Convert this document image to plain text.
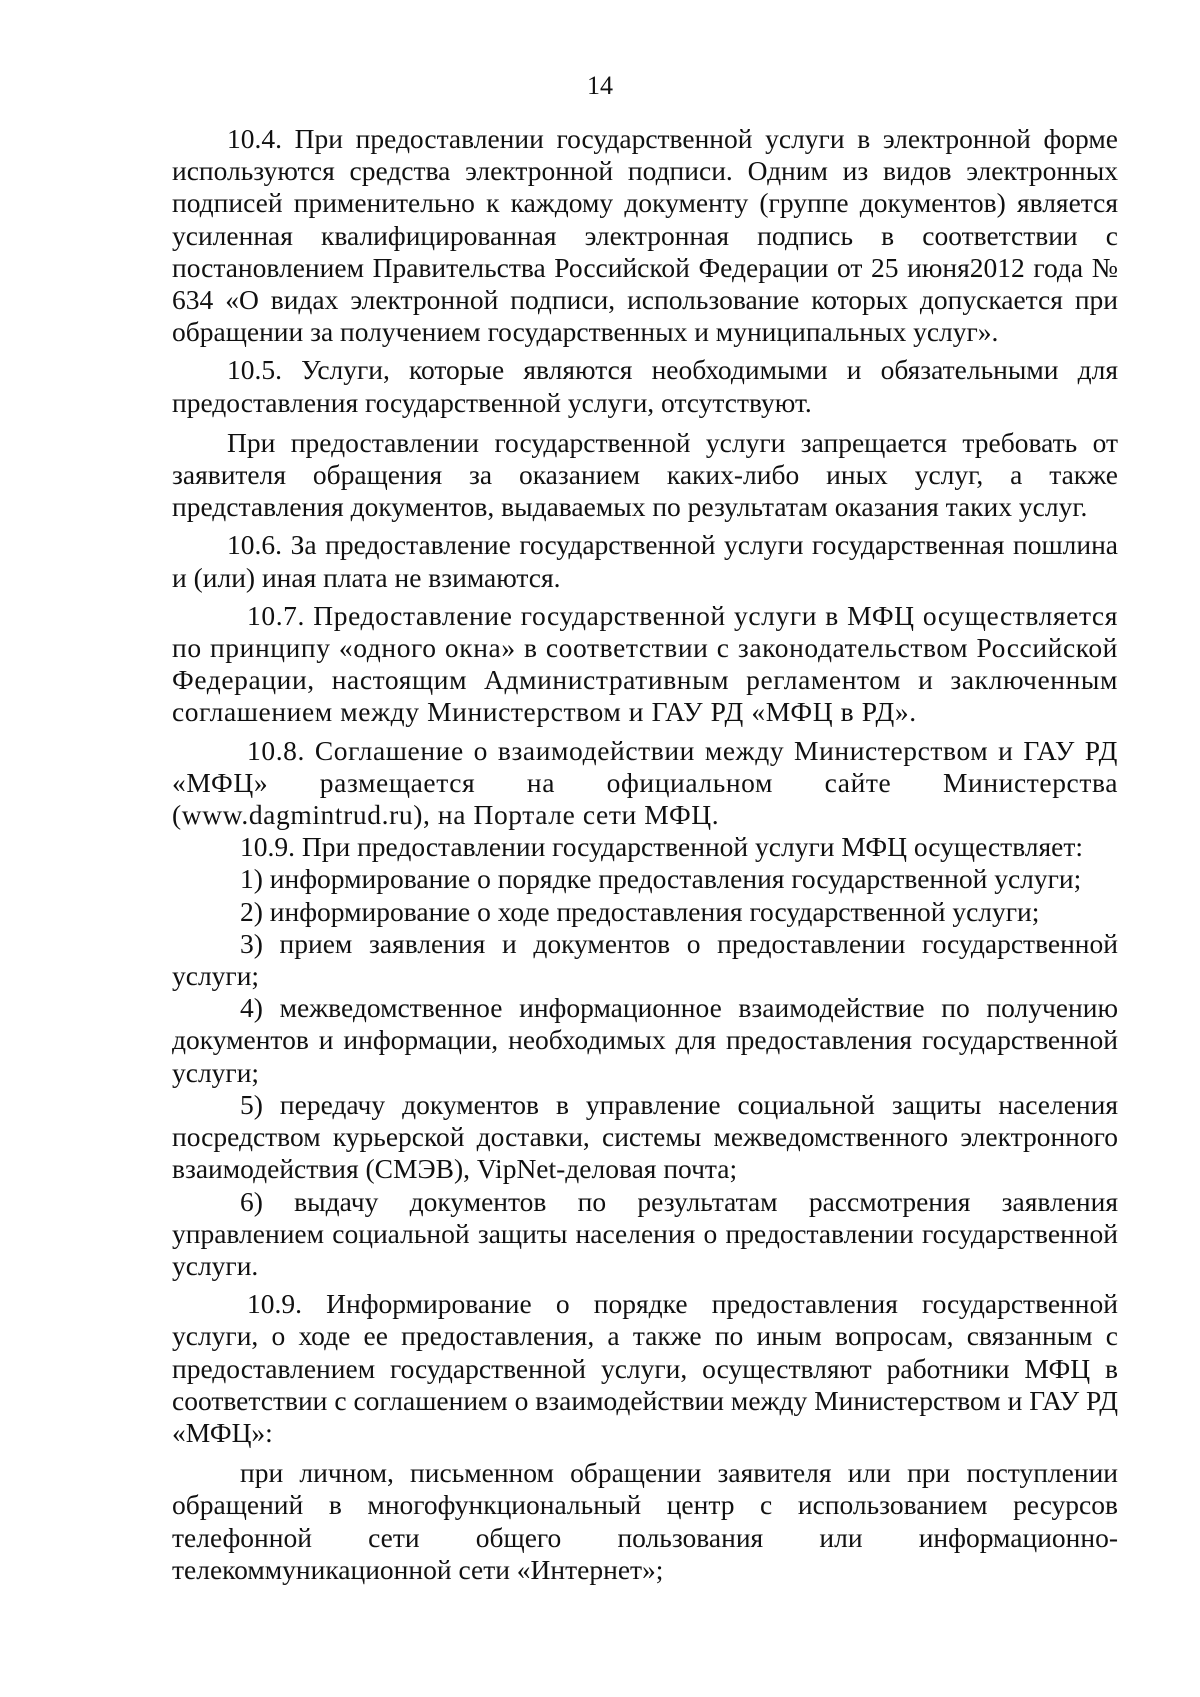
14

10.4. При предоставлении государственной услуги в электронной форме используются средства электронной подписи. Одним из видов электронных подписей применительно к каждому документу (группе документов) является усиленная квалифицированная электронная подпись в соответствии с постановлением Правительства Российской Федерации от 25 июня2012 года № 634 «О видах электронной подписи, использование которых допускается при обращении за получением государственных и муниципальных услуг».

10.5. Услуги, которые являются необходимыми и обязательными для предоставления государственной услуги, отсутствуют.

При предоставлении государственной услуги запрещается требовать от заявителя обращения за оказанием каких-либо иных услуг, а также представления документов, выдаваемых по результатам оказания таких услуг.

10.6. За предоставление государственной услуги государственная пошлина и (или) иная плата не взимаются.

10.7. Предоставление государственной услуги в МФЦ осуществляется по принципу «одного окна» в соответствии с законодательством Российской Федерации, настоящим Административным регламентом и заключенным соглашением между Министерством и ГАУ РД «МФЦ в РД».

10.8. Соглашение о взаимодействии между Министерством и ГАУ РД «МФЦ» размещается на официальном сайте Министерства (www.dagmintrud.ru), на Портале сети МФЦ.

10.9. При предоставлении государственной услуги МФЦ осуществляет:

1) информирование о порядке предоставления государственной услуги;

2) информирование о ходе предоставления государственной услуги;

3) прием заявления и документов о предоставлении государственной услуги;

4) межведомственное информационное взаимодействие по получению документов и информации, необходимых для предоставления государственной услуги;

5) передачу документов в управление социальной защиты населения посредством курьерской доставки, системы межведомственного электронного взаимодействия (СМЭВ), VipNet-деловая почта;

6) выдачу документов по результатам рассмотрения заявления управлением социальной защиты населения о предоставлении государственной услуги.

10.9. Информирование о порядке предоставления государственной услуги, о ходе ее предоставления, а также по иным вопросам, связанным с предоставлением государственной услуги, осуществляют работники МФЦ в соответствии с соглашением о взаимодействии между Министерством и ГАУ РД «МФЦ»:

при личном, письменном обращении заявителя или при поступлении обращений в многофункциональный центр с использованием ресурсов телефонной сети общего пользования или информационно-телекоммуникационной сети «Интернет»;
